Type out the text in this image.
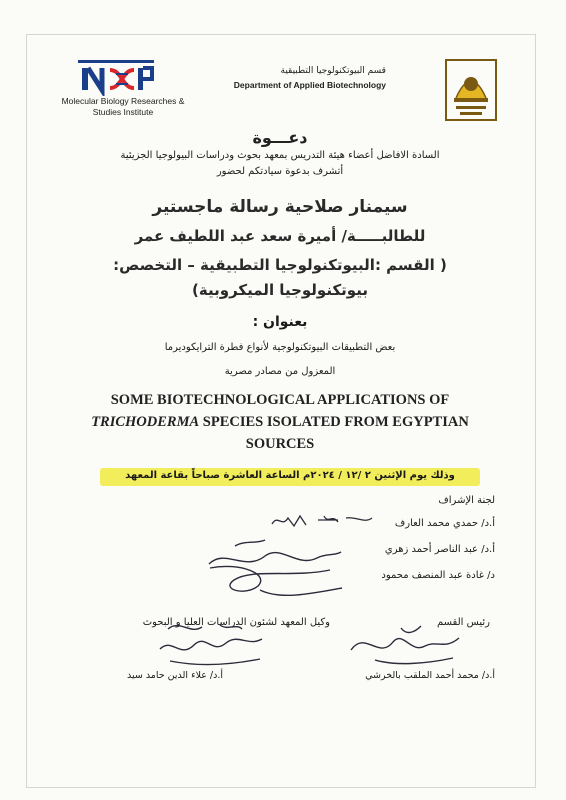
Molecular Biology Researches & Studies Institute
قسم البيوتكنولوجيا التطبيقية
Department of Applied Biotechnology
دعـــوة
السادة الافاضل أعضاء هيئة التدريس بمعهد بحوث ودراسات البيولوجيا الجزيئية
أتشرف بدعوة سيادتكم لحضور
سيمنار صلاحية رسالة ماجستير
للطالبـــــة/ أميرة سعد عبد اللطيف عمر
( القسم :البيوتكنولوجيا التطبيقية – التخصص:
بيوتكنولوجيا الميكروبية)
بعنوان :
بعض التطبيقات البيوتكنولوجية لأنواع فطرة الترايكوديرما
المعزول من مصادر مصرية
SOME BIOTECHNOLOGICAL APPLICATIONS OF
TRICHODERMA SPECIES ISOLATED FROM EGYPTIAN
SOURCES
وذلك يوم الإثنين ٢ /١٢ / ٢٠٢٤م الساعة العاشرة صباحاً بقاعة المعهد
لجنة الإشراف
أ.د/ حمدي محمد العارف
أ.د/ عبد الناصر أحمد زهري
د/ غادة عبد المنصف محمود
رئيس القسم
وكيل المعهد لشئون الدراسات العليا و البحوث
أ.د/ محمد أحمد الملقب بالخرشي
أ.د/ علاء الدين حامد سيد
